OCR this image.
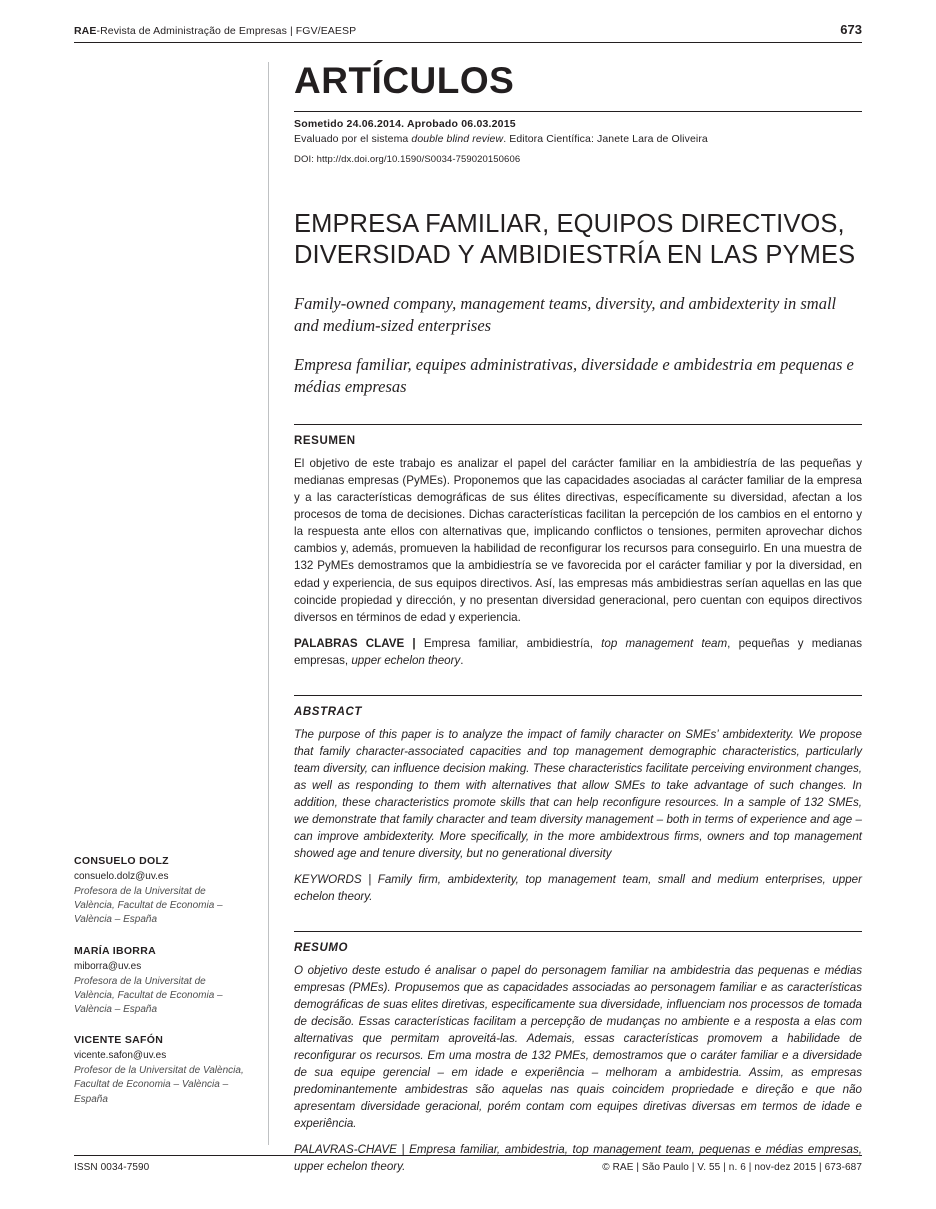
RAE-Revista de Administração de Empresas | FGV/EAESP	673
CONSUELO DOLZ
consuelo.dolz@uv.es
Profesora de la Universitat de València, Facultat de Economia – València – España
MARÍA IBORRA
miborra@uv.es
Profesora de la Universitat de València, Facultat de Economia – València – España
VICENTE SAFÓN
vicente.safon@uv.es
Profesor de la Universitat de València, Facultat de Economia – València – España
ARTÍCULOS
Sometido 24.06.2014. Aprobado 06.03.2015
Evaluado por el sistema double blind review. Editora Científica: Janete Lara de Oliveira
DOI: http://dx.doi.org/10.1590/S0034-759020150606
EMPRESA FAMILIAR, EQUIPOS DIRECTIVOS, DIVERSIDAD Y AMBIDIESTRÍA EN LAS PYMES
Family-owned company, management teams, diversity, and ambidexterity in small and medium-sized enterprises
Empresa familiar, equipes administrativas, diversidade e ambidestria em pequenas e médias empresas
RESUMEN

El objetivo de este trabajo es analizar el papel del carácter familiar en la ambidiestría de las pequeñas y medianas empresas (PyMEs). Proponemos que las capacidades asociadas al carácter familiar de la empresa y a las características demográficas de sus élites directivas, específicamente su diversidad, afectan a los procesos de toma de decisiones. Dichas características facilitan la percepción de los cambios en el entorno y la respuesta ante ellos con alternativas que, implicando conflictos o tensiones, permiten aprovechar dichos cambios y, además, promueven la habilidad de reconfigurar los recursos para conseguirlo. En una muestra de 132 PyMEs demostramos que la ambidiestría se ve favorecida por el carácter familiar y por la diversidad, en edad y experiencia, de sus equipos directivos. Así, las empresas más ambidiestras serían aquellas en las que coincide propiedad y dirección, y no presentan diversidad generacional, pero cuentan con equipos directivos diversos en términos de edad y experiencia.

PALABRAS CLAVE | Empresa familiar, ambidiestría, top management team, pequeñas y medianas empresas, upper echelon theory.

ABSTRACT

The purpose of this paper is to analyze the impact of family character on SMEs’ ambidexterity. We propose that family character-associated capacities and top management demographic characteristics, particularly team diversity, can influence decision making. These characteristics facilitate perceiving environment changes, as well as responding to them with alternatives that allow SMEs to take advantage of such changes. In addition, these characteristics promote skills that can help reconfigure resources. In a sample of 132 SMEs, we demonstrate that family character and team diversity management – both in terms of experience and age – can improve ambidexterity. More specifically, in the more ambidextrous firms, owners and top management showed age and tenure diversity, but no generational diversity

KEYWORDS | Family firm, ambidexterity, top management team, small and medium enterprises, upper echelon theory.

RESUMO

O objetivo deste estudo é analisar o papel do personagem familiar na ambidestria das pequenas e médias empresas (PMEs). Propusemos que as capacidades associadas ao personagem familiar e as características demográficas de suas elites diretivas, especificamente sua diversidade, influenciam nos processos de tomada de decisão. Essas características facilitam a percepção de mudanças no ambiente e a resposta a elas com alternativas que permitam aproveitá-las. Ademais, essas características promovem a habilidade de reconfigurar os recursos. Em uma mostra de 132 PMEs, demostramos que o caráter familiar e a diversidade de sua equipe gerencial – em idade e experiência – melhoram a ambidestria. Assim, as empresas predominantemente ambidestras são aquelas nas quais coincidem propriedade e direção e que não apresentam diversidade geracional, porém contam com equipes diretivas diversas em termos de idade e experiência.

PALAVRAS-CHAVE | Empresa familiar, ambidestria, top management team, pequenas e médias empresas, upper echelon theory.

ISSN 0034-7590	© RAE | São Paulo | V. 55 | n. 6 | nov-dez 2015 | 673-687
